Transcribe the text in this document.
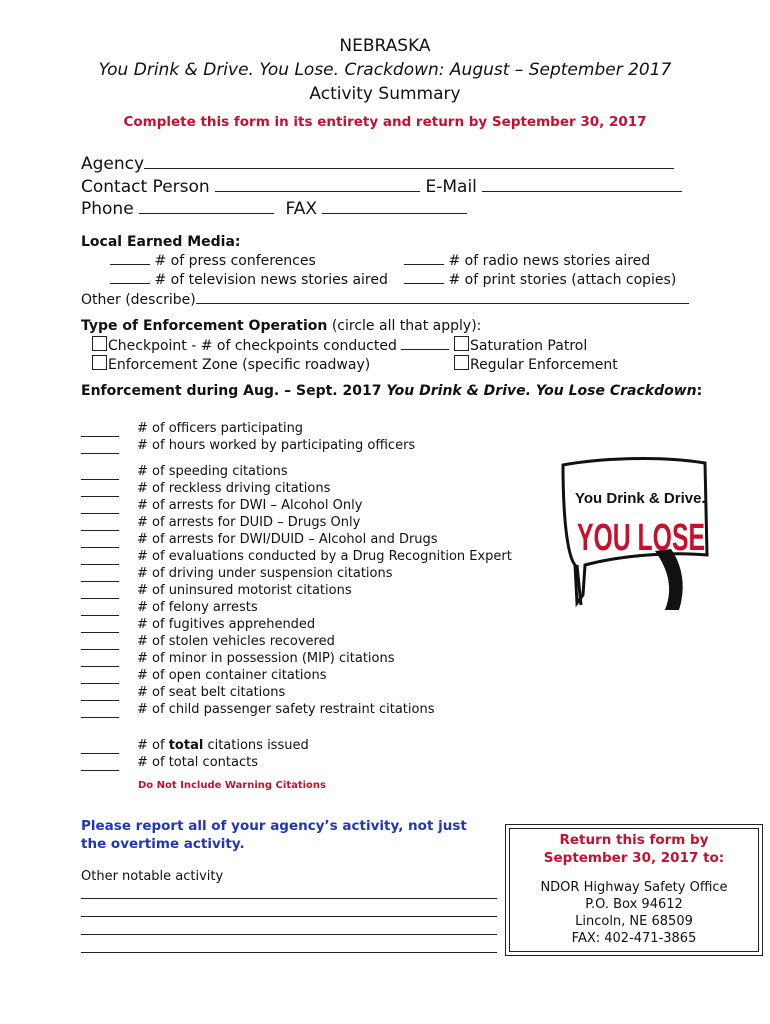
NEBRASKA
You Drink & Drive. You Lose. Crackdown: August – September 2017
Activity Summary
Complete this form in its entirety and return by September 30, 2017
Agency
Contact Person	E-Mail
Phone	FAX
Local Earned Media:
# of press conferences	# of radio news stories aired
# of television news stories aired	# of print stories (attach copies)
Other (describe)
Type of Enforcement Operation (circle all that apply):
Checkpoint - # of checkpoints conducted	Saturation Patrol
Enforcement Zone (specific roadway)	Regular Enforcement
Enforcement during Aug. – Sept. 2017 You Drink & Drive. You Lose Crackdown:
# of officers participating
# of hours worked by participating officers
# of speeding citations
# of reckless driving citations
# of arrests for DWI – Alcohol Only
# of arrests for DUID – Drugs Only
# of arrests for DWI/DUID – Alcohol and Drugs
# of evaluations conducted by a Drug Recognition Expert
# of driving under suspension citations
# of uninsured motorist citations
# of felony arrests
# of fugitives apprehended
# of stolen vehicles recovered
# of minor in possession (MIP) citations
# of open container citations
# of seat belt citations
# of child passenger safety restraint citations
# of total citations issued
# of total contacts
Do Not Include Warning Citations
You Drink & Drive.
YOU LOSE
Please report all of your agency’s activity, not just the overtime activity.
Other notable activity
Return this form by
September 30, 2017 to:
NDOR Highway Safety Office
P.O. Box 94612
Lincoln, NE 68509
FAX: 402-471-3865
